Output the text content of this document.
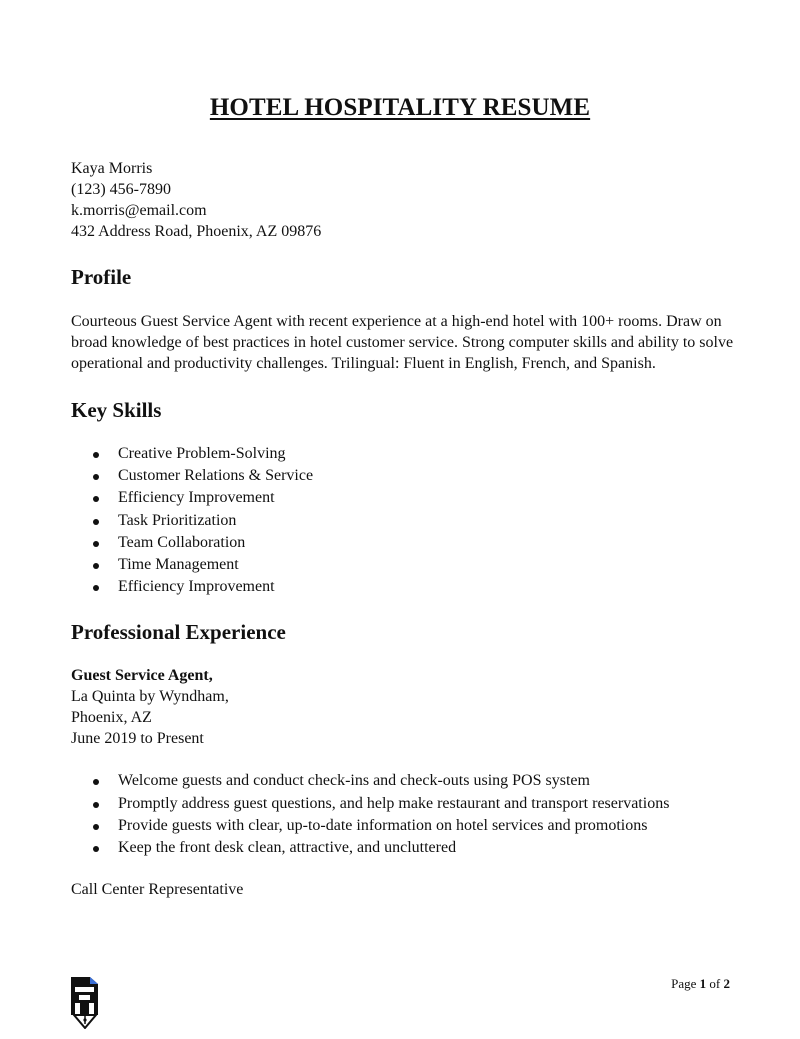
HOTEL HOSPITALITY RESUME
Kaya Morris
(123) 456-7890
k.morris@email.com
432 Address Road, Phoenix, AZ 09876
Profile

Courteous Guest Service Agent with recent experience at a high-end hotel with 100+ rooms. Draw on broad knowledge of best practices in hotel customer service. Strong computer skills and ability to solve operational and productivity challenges. Trilingual: Fluent in English, French, and Spanish.

Key Skills
Creative Problem-Solving
Customer Relations & Service
Efficiency Improvement
Task Prioritization
Team Collaboration
Time Management
Efficiency Improvement
Professional Experience
Guest Service Agent,
La Quinta by Wyndham,
Phoenix, AZ
June 2019 to Present
Welcome guests and conduct check-ins and check-outs using POS system
Promptly address guest questions, and help make restaurant and transport reservations
Provide guests with clear, up-to-date information on hotel services and promotions
Keep the front desk clean, attractive, and uncluttered
Call Center Representative
Page 1 of 2
